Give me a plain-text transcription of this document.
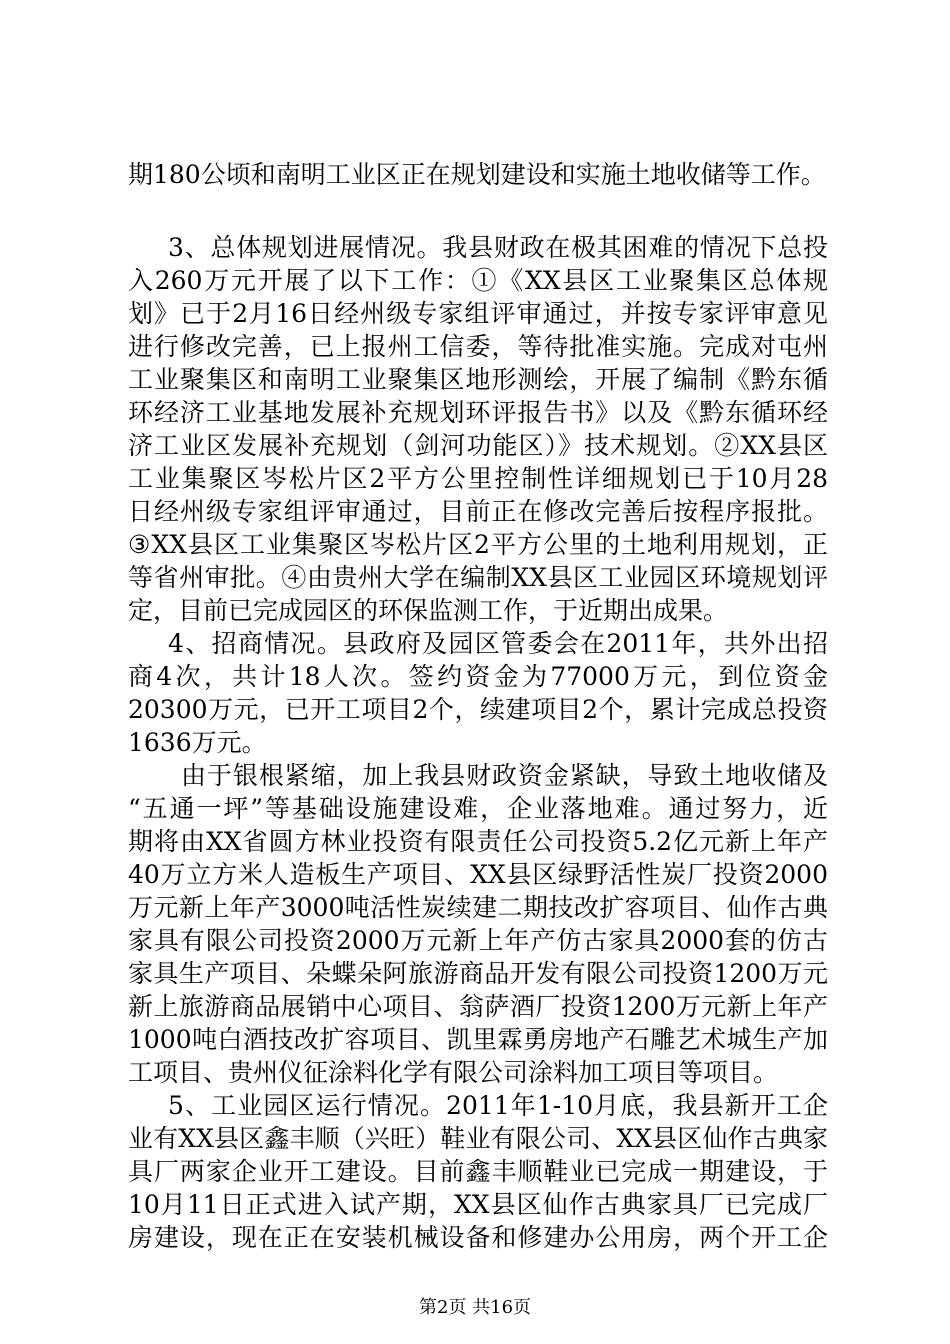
期180公顷和南明工业区正在规划建设和实施土地收储等工作。
3、总体规划进展情况。我县财政在极其困难的情况下总投
入260万元开展了以下工作：①《XX县区工业聚集区总体规
划》已于2月16日经州级专家组评审通过，并按专家评审意见
进行修改完善，已上报州工信委，等待批准实施。完成对屯州
工业聚集区和南明工业聚集区地形测绘，开展了编制《黔东循
环经济工业基地发展补充规划环评报告书》以及《黔东循环经
济工业区发展补充规划（剑河功能区）》技术规划。②XX县区
工业集聚区岑松片区2平方公里控制性详细规划已于10月28
日经州级专家组评审通过，目前正在修改完善后按程序报批。
③XX县区工业集聚区岑松片区2平方公里的土地利用规划，正
等省州审批。④由贵州大学在编制XX县区工业园区环境规划评
定，目前已完成园区的环保监测工作，于近期出成果。
4、招商情况。县政府及园区管委会在2011年，共外出招
商4次，共计18人次。签约资金为77000万元，到位资金
20300万元，已开工项目2个，续建项目2个，累计完成总投资
1636万元。
由于银根紧缩，加上我县财政资金紧缺，导致土地收储及
“五通一坪”等基础设施建设难，企业落地难。通过努力，近
期将由XX省圆方林业投资有限责任公司投资5.2亿元新上年产
40万立方米人造板生产项目、XX县区绿野活性炭厂投资2000
万元新上年产3000吨活性炭续建二期技改扩容项目、仙作古典
家具有限公司投资2000万元新上年产仿古家具2000套的仿古
家具生产项目、朵蝶朵阿旅游商品开发有限公司投资1200万元
新上旅游商品展销中心项目、翁萨酒厂投资1200万元新上年产
1000吨白酒技改扩容项目、凯里霖勇房地产石雕艺术城生产加
工项目、贵州仪征涂料化学有限公司涂料加工项目等项目。
5、工业园区运行情况。2011年1-10月底，我县新开工企
第2页 共16页
业有XX县区鑫丰顺（兴旺）鞋业有限公司、XX县区仙作古典家
具厂两家企业开工建设。目前鑫丰顺鞋业已完成一期建设，于
10月11日正式进入试产期，XX县区仙作古典家具厂已完成厂
房建设，现在正在安装机械设备和修建办公用房，两个开工企
